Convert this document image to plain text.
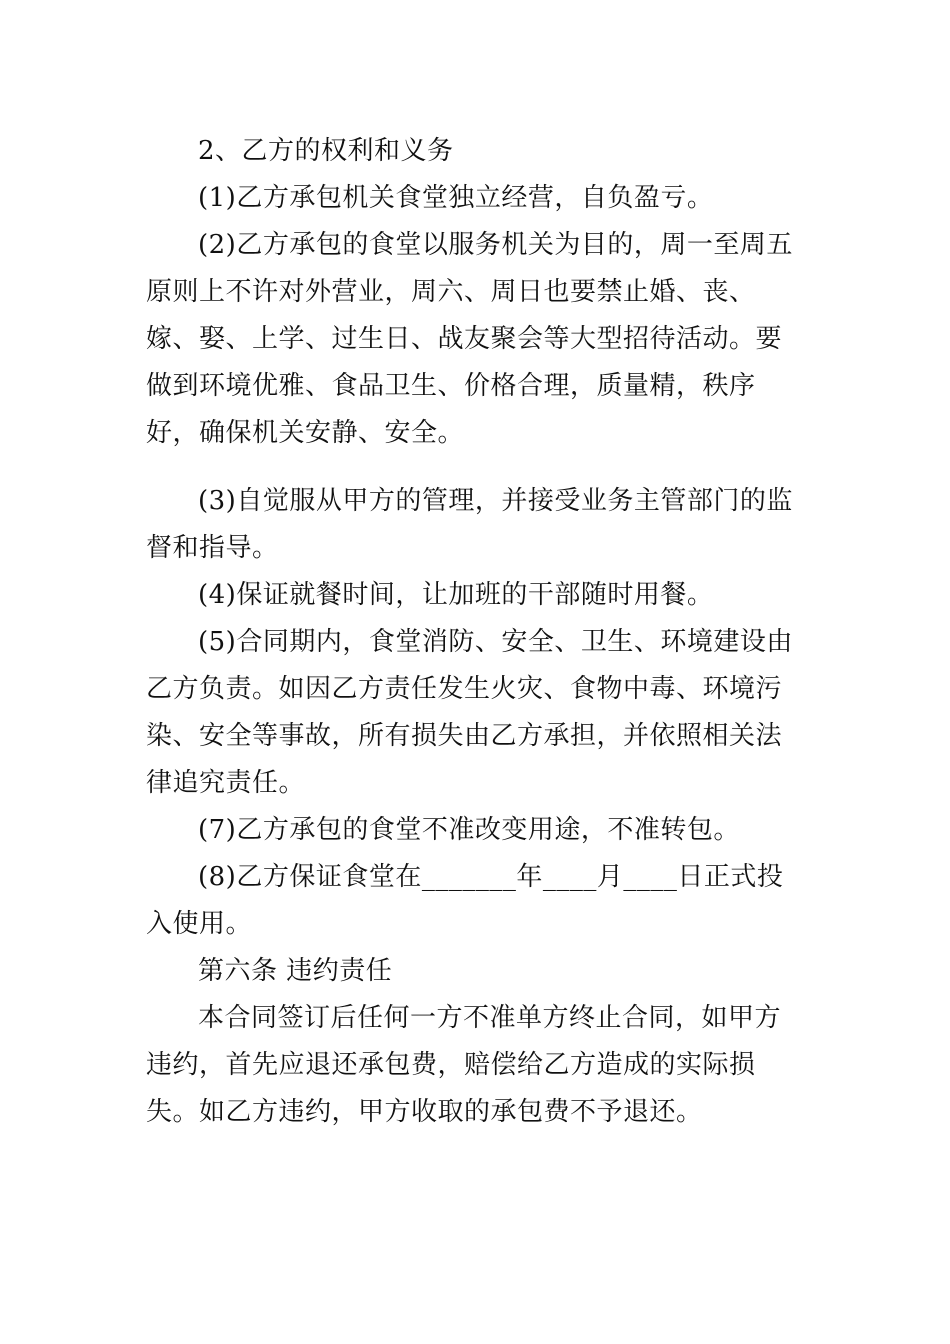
2、乙方的权利和义务

(1)乙方承包机关食堂独立经营，自负盈亏。

(2)乙方承包的食堂以服务机关为目的，周一至周五原则上不许对外营业，周六、周日也要禁止婚、丧、嫁、娶、上学、过生日、战友聚会等大型招待活动。要做到环境优雅、食品卫生、价格合理，质量精，秩序好，确保机关安静、安全。

(3)自觉服从甲方的管理，并接受业务主管部门的监督和指导。

(4)保证就餐时间，让加班的干部随时用餐。

(5)合同期内，食堂消防、安全、卫生、环境建设由乙方负责。如因乙方责任发生火灾、食物中毒、环境污染、安全等事故，所有损失由乙方承担，并依照相关法律追究责任。

(7)乙方承包的食堂不准改变用途，不准转包。

(8)乙方保证食堂在_______年____月____日正式投入使用。

第六条 违约责任

本合同签订后任何一方不准单方终止合同，如甲方违约，首先应退还承包费，赔偿给乙方造成的实际损失。如乙方违约，甲方收取的承包费不予退还。
